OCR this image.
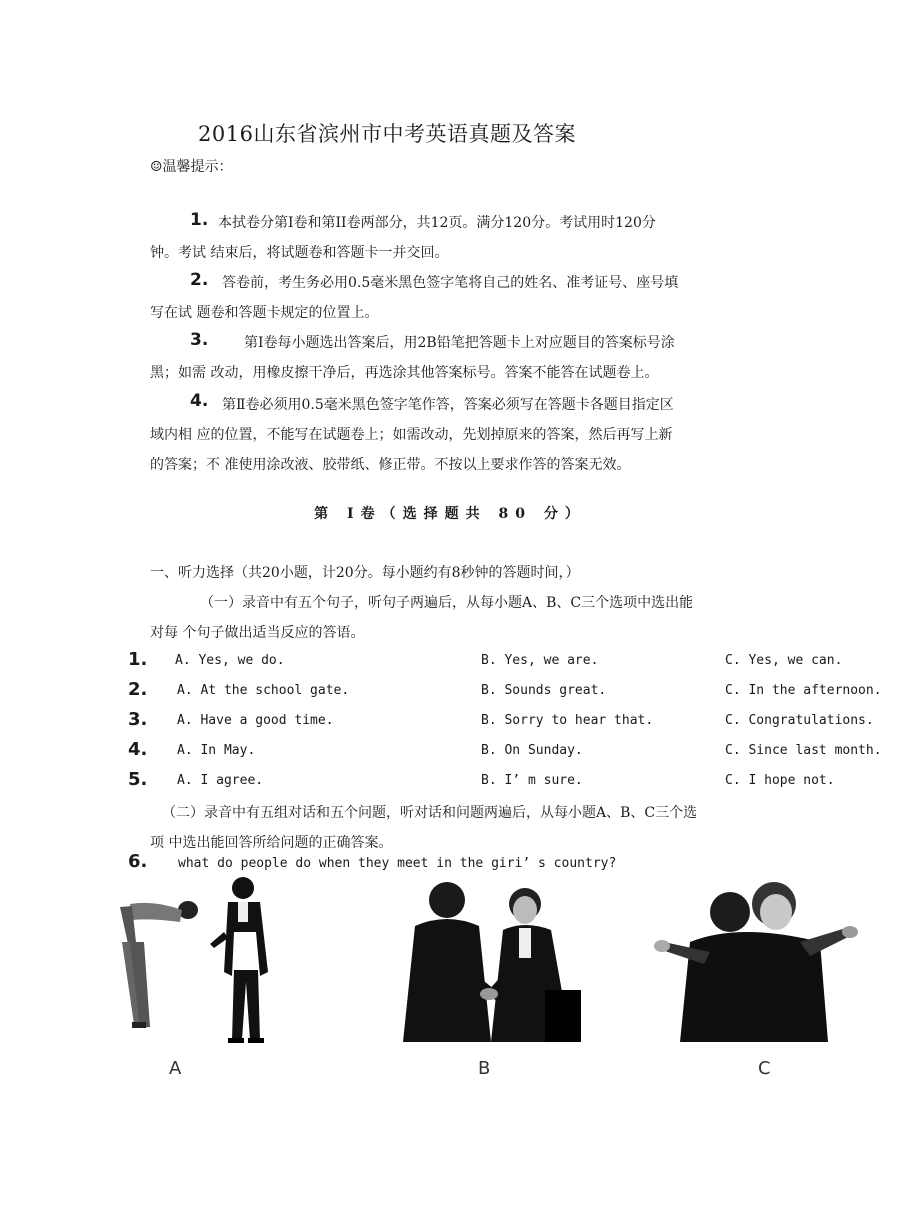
2016山东省滨州市中考英语真题及答案
☺温馨提示：
1. 本拭卷分第Ⅰ卷和第II卷两部分，共12页。满分120分。考试用时120分
钟。考试 结束后，将试题卷和答题卡一并交回。
2. 答卷前，考生务必用0.5毫米黑色签字笔将自己的姓名、准考证号、座号填
写在试 题卷和答题卡规定的位置上。
3.	第Ⅰ卷每小题选出答案后，用2B铅笔把答题卡上对应题目的答案标号涂
黑；如需 改动，用橡皮擦干净后，再选涂其他答案标号。答案不能答在试题卷上。
4. 第Ⅱ卷必须用0.5毫米黑色签字笔作答，答案必须写在答题卡各题目指定区
域内相 应的位置，不能写在试题卷上；如需改动，先划掉原来的答案，然后再写上新
的答案；不 准使用涂改液、胶带纸、修正带。不按以上要求作答的答案无效。
第 Ⅰ卷（选择题共 80 分）
一、听力选择（共20小题，计20分。每小题约有8秒钟的答题时间，）
（一）录音中有五个句子，听句子两遍后，从每小题A、B、C三个选项中选出能
对每 个句子做出适当反应的答语。
1. A. Yes, we do.	B. Yes, we are.	C. Yes, we can.
2. A. At the school gate.	B. Sounds great.	C. In the afternoon.
3. A. Have a good time.	B. Sorry to hear that.	C. Congratulations.
4. A. In May.	B. On Sunday.	C. Since last month.
5. A. I agree.	B. I’ m sure.	C. I hope not.
（二）录音中有五组对话和五个问题，听对话和问题两遍后，从每小题A、B、C三个选
项 中选出能回答所给问题的正确答案。
6. what do people do when they meet in the giri’ s country?
A	B	C
